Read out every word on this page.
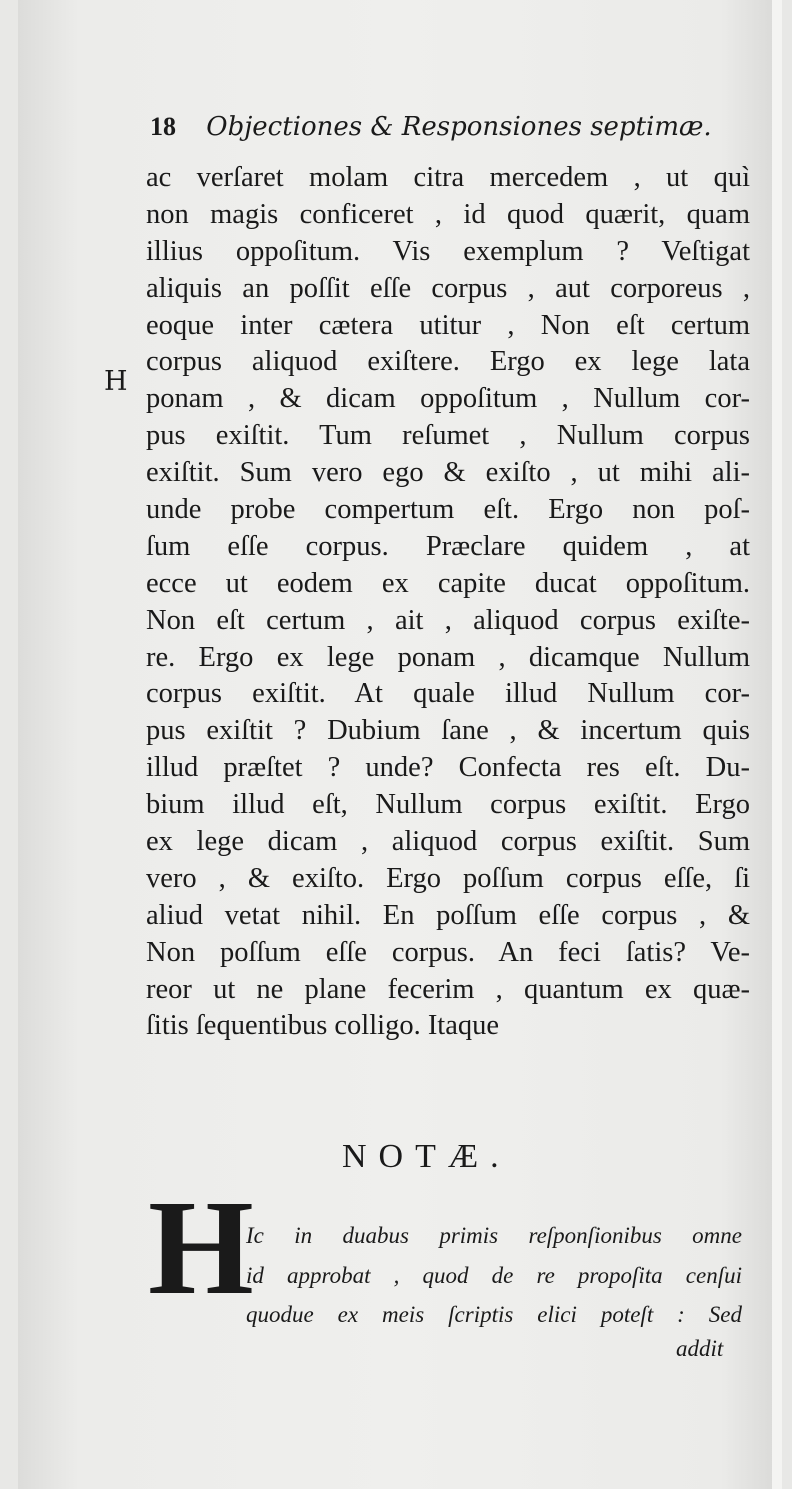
18 Objectiones & Responsiones septimæ.
H
ac verſaret molam citra mercedem , ut quì
non magis conficeret , id quod quærit, quam
illius oppoſitum. Vis exemplum ? Veſtigat
aliquis an poſſit eſſe corpus , aut corporeus ,
eoque inter cætera utitur , Non eſt certum
corpus aliquod exiſtere. Ergo ex lege lata
ponam , & dicam oppoſitum , Nullum cor-
pus exiſtit. Tum reſumet , Nullum corpus
exiſtit. Sum vero ego & exiſto , ut mihi ali-
unde probe compertum eſt. Ergo non poſ-
ſum eſſe corpus. Præclare quidem , at
ecce ut eodem ex capite ducat oppoſitum.
Non eſt certum , ait , aliquod corpus exiſte-
re. Ergo ex lege ponam , dicamque Nullum
corpus exiſtit. At quale illud Nullum cor-
pus exiſtit ? Dubium ſane , & incertum quis
illud præſtet ? unde? Confecta res eſt. Du-
bium illud eſt, Nullum corpus exiſtit. Ergo
ex lege dicam , aliquod corpus exiſtit. Sum
vero , & exiſto. Ergo poſſum corpus eſſe, ſi
aliud vetat nihil. En poſſum eſſe corpus , &
Non poſſum eſſe corpus. An feci ſatis? Ve-
reor ut ne plane fecerim , quantum ex quæ-
ſitis ſequentibus colligo. Itaque
NOTÆ.
H
Ic in duabus primis reſponſionibus omne
id approbat , quod de re propoſita cenſui
quodue ex meis ſcriptis elici poteſt : Sed
addit
